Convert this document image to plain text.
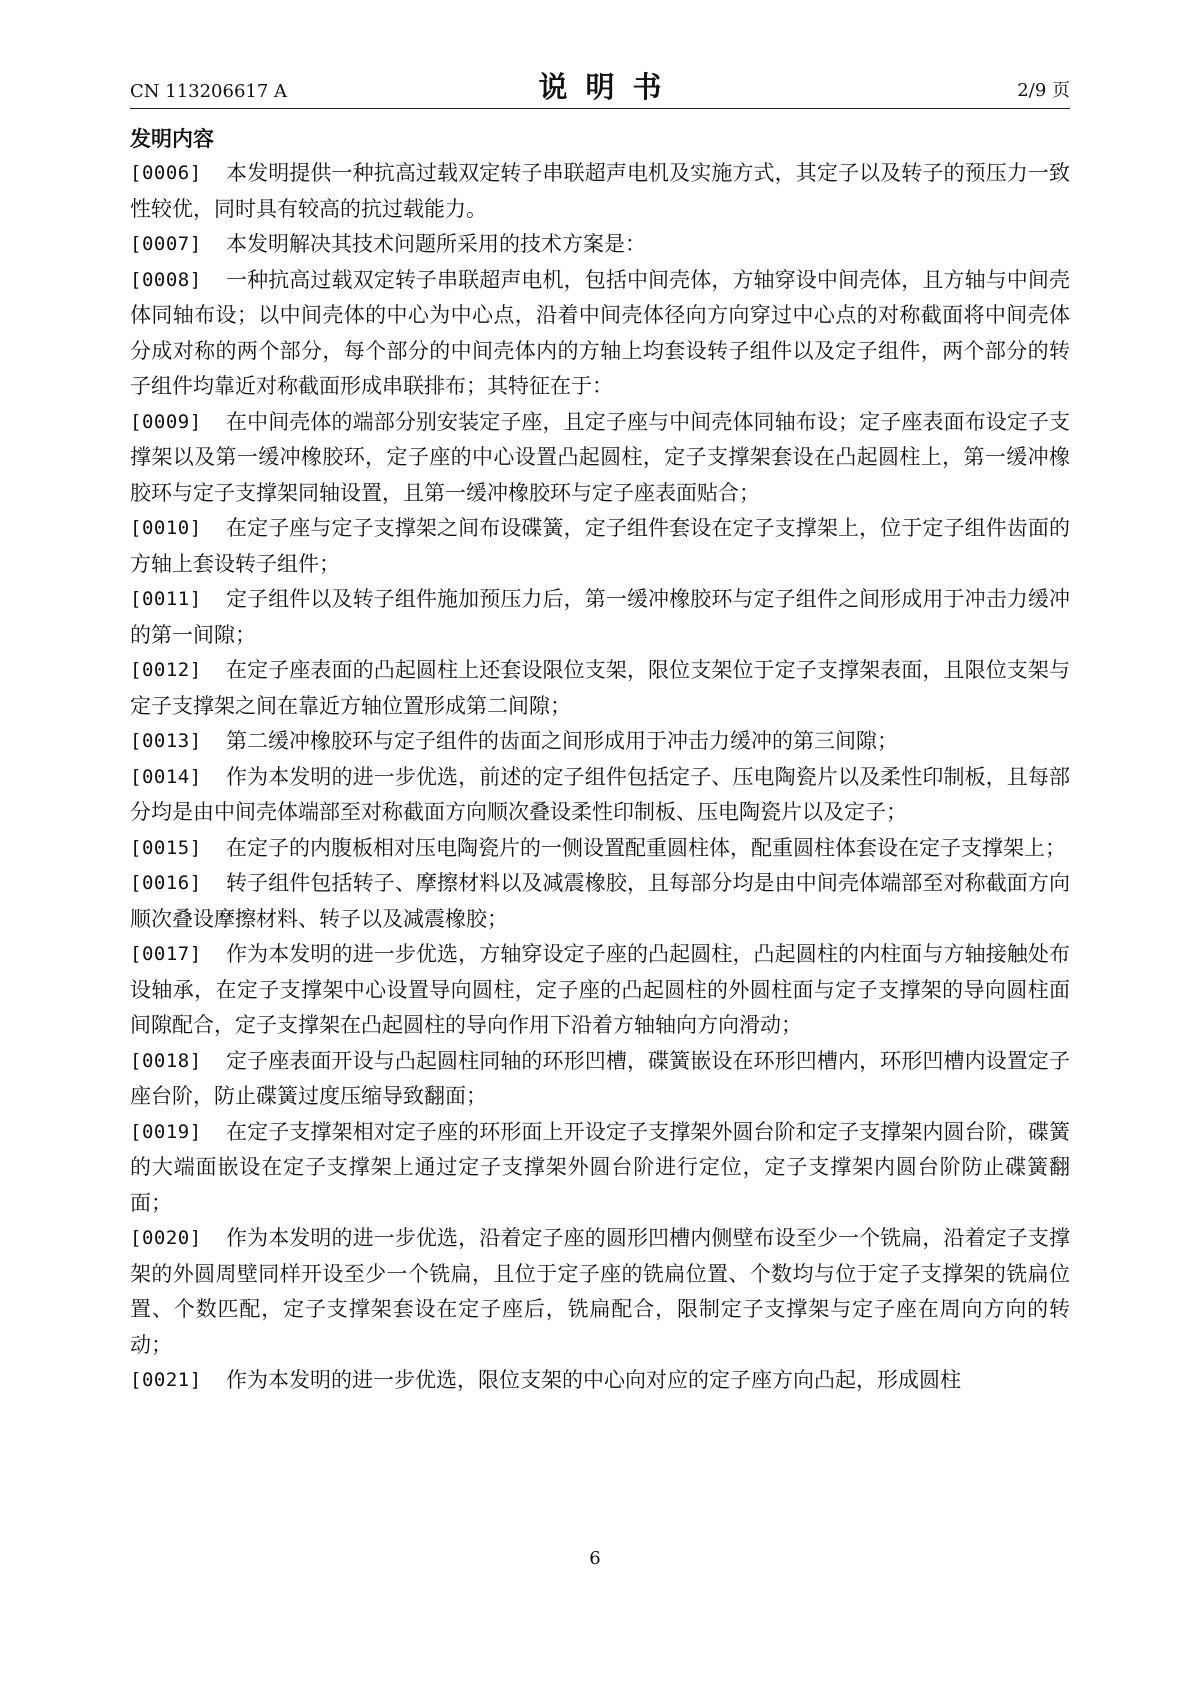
CN 113206617 A	说明书	2/9 页
发明内容

[0006] 本发明提供一种抗高过载双定转子串联超声电机及实施方式，其定子以及转子的预压力一致性较优，同时具有较高的抗过载能力。

[0007] 本发明解决其技术问题所采用的技术方案是：

[0008] 一种抗高过载双定转子串联超声电机，包括中间壳体，方轴穿设中间壳体，且方轴与中间壳体同轴布设；以中间壳体的中心为中心点，沿着中间壳体径向方向穿过中心点的对称截面将中间壳体分成对称的两个部分，每个部分的中间壳体内的方轴上均套设转子组件以及定子组件，两个部分的转子组件均靠近对称截面形成串联排布；其特征在于：

[0009] 在中间壳体的端部分别安装定子座，且定子座与中间壳体同轴布设；定子座表面布设定子支撑架以及第一缓冲橡胶环，定子座的中心设置凸起圆柱，定子支撑架套设在凸起圆柱上，第一缓冲橡胶环与定子支撑架同轴设置，且第一缓冲橡胶环与定子座表面贴合；

[0010] 在定子座与定子支撑架之间布设碟簧，定子组件套设在定子支撑架上，位于定子组件齿面的方轴上套设转子组件；

[0011] 定子组件以及转子组件施加预压力后，第一缓冲橡胶环与定子组件之间形成用于冲击力缓冲的第一间隙；

[0012] 在定子座表面的凸起圆柱上还套设限位支架，限位支架位于定子支撑架表面，且限位支架与定子支撑架之间在靠近方轴位置形成第二间隙；

[0013] 第二缓冲橡胶环与定子组件的齿面之间形成用于冲击力缓冲的第三间隙；

[0014] 作为本发明的进一步优选，前述的定子组件包括定子、压电陶瓷片以及柔性印制板，且每部分均是由中间壳体端部至对称截面方向顺次叠设柔性印制板、压电陶瓷片以及定子；

[0015] 在定子的内腹板相对压电陶瓷片的一侧设置配重圆柱体，配重圆柱体套设在定子支撑架上；

[0016] 转子组件包括转子、摩擦材料以及减震橡胶，且每部分均是由中间壳体端部至对称截面方向顺次叠设摩擦材料、转子以及减震橡胶；

[0017] 作为本发明的进一步优选，方轴穿设定子座的凸起圆柱，凸起圆柱的内柱面与方轴接触处布设轴承，在定子支撑架中心设置导向圆柱，定子座的凸起圆柱的外圆柱面与定子支撑架的导向圆柱面间隙配合，定子支撑架在凸起圆柱的导向作用下沿着方轴轴向方向滑动；

[0018] 定子座表面开设与凸起圆柱同轴的环形凹槽，碟簧嵌设在环形凹槽内，环形凹槽内设置定子座台阶，防止碟簧过度压缩导致翻面；

[0019] 在定子支撑架相对定子座的环形面上开设定子支撑架外圆台阶和定子支撑架内圆台阶，碟簧的大端面嵌设在定子支撑架上通过定子支撑架外圆台阶进行定位，定子支撑架内圆台阶防止碟簧翻面；

[0020] 作为本发明的进一步优选，沿着定子座的圆形凹槽内侧壁布设至少一个铣扁，沿着定子支撑架的外圆周壁同样开设至少一个铣扁，且位于定子座的铣扁位置、个数均与位于定子支撑架的铣扁位置、个数匹配，定子支撑架套设在定子座后，铣扁配合，限制定子支撑架与定子座在周向方向的转动；

[0021] 作为本发明的进一步优选，限位支架的中心向对应的定子座方向凸起，形成圆柱

6
